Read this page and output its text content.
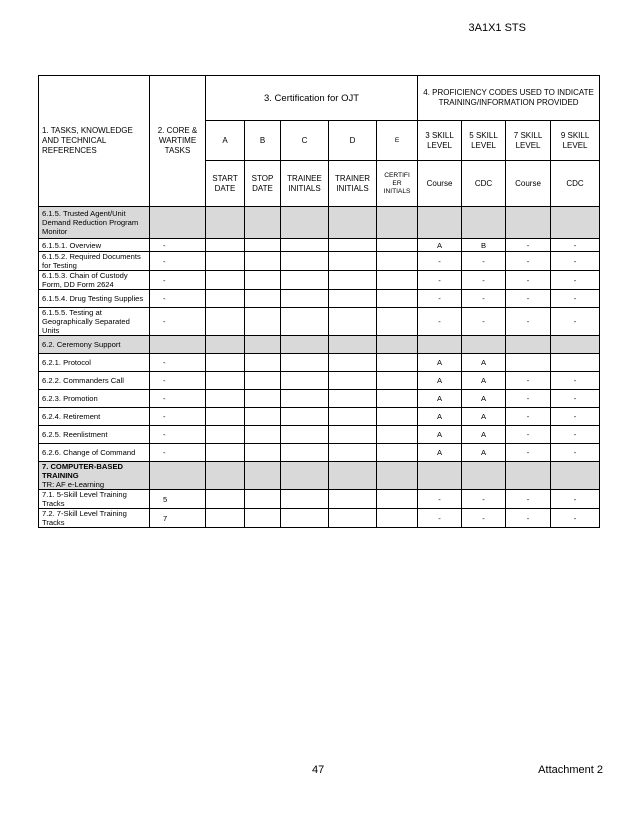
3A1X1 STS
1. TASKS, KNOWLEDGE AND TECHNICAL REFERENCES	2. CORE & WARTIME TASKS	3. Certification for OJT					4. PROFICIENCY CODES USED TO INDICATE TRAINING/INFORMATION PROVIDED			
		A	B	C	D	E	3 SKILL LEVEL	5 SKILL LEVEL	7 SKILL LEVEL	9 SKILL LEVEL
		START DATE	STOP DATE	TRAINEE INITIALS	TRAINER INITIALS	CERTIFI ER INITIALS	Course	CDC	Course	CDC

6.1.5. Trusted Agent/Unit Demand Reduction Program Monitor										

6.1.5.1. Overview	-						A	B	-	-

6.1.5.2. Required Documents for Testing	-						-	-	-	-

6.1.5.3. Chain of Custody Form, DD Form 2624	-						-	-	-	-

6.1.5.4. Drug Testing Supplies	-						-	-	-	-

6.1.5.5. Testing at Geographically Separated Units	-						-	-	-	-

6.2. Ceremony Support										

6.2.1. Protocol	-						A	A		

6.2.2. Commanders Call	-						A	A	-	-

6.2.3. Promotion	-						A	A	-	-

6.2.4. Retirement	-						A	A	-	-

6.2.5. Reenlistment	-						A	A	-	-

6.2.6. Change of Command	-						A	A	-	-

7. COMPUTER-BASED TRAINING
TR: AF e-Learning										

7.1. 5-Skill Level Training Tracks	5						-	-	-	-

7.2. 7-Skill Level Training Tracks	7						-	-	-	-
47	Attachment 2
